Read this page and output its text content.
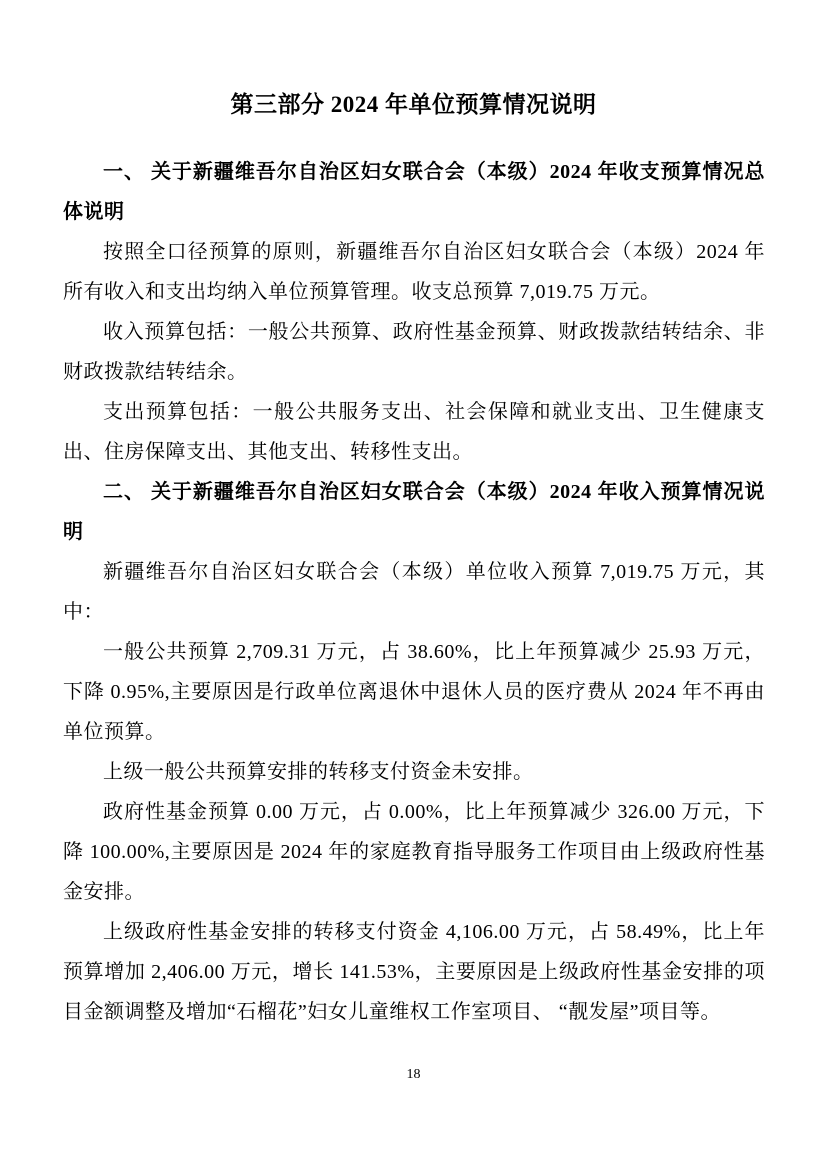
第三部分 2024 年单位预算情况说明

一、 关于新疆维吾尔自治区妇女联合会（本级）2024 年收支预算情况总体说明

按照全口径预算的原则，新疆维吾尔自治区妇女联合会（本级）2024 年所有收入和支出均纳入单位预算管理。收支总预算 7,019.75 万元。

收入预算包括：一般公共预算、政府性基金预算、财政拨款结转结余、非财政拨款结转结余。

支出预算包括：一般公共服务支出、社会保障和就业支出、卫生健康支出、住房保障支出、其他支出、转移性支出。

二、 关于新疆维吾尔自治区妇女联合会（本级）2024 年收入预算情况说明

新疆维吾尔自治区妇女联合会（本级）单位收入预算 7,019.75 万元，其中：

一般公共预算 2,709.31 万元，占 38.60%，比上年预算减少 25.93 万元，下降 0.95%,主要原因是行政单位离退休中退休人员的医疗费从 2024 年不再由单位预算。

上级一般公共预算安排的转移支付资金未安排。

政府性基金预算 0.00 万元，占 0.00%，比上年预算减少 326.00 万元，下降 100.00%,主要原因是 2024 年的家庭教育指导服务工作项目由上级政府性基金安排。

上级政府性基金安排的转移支付资金 4,106.00 万元，占 58.49%，比上年预算增加 2,406.00 万元，增长 141.53%，主要原因是上级政府性基金安排的项目金额调整及增加“石榴花”妇女儿童维权工作室项目、 “靓发屋”项目等。

18
